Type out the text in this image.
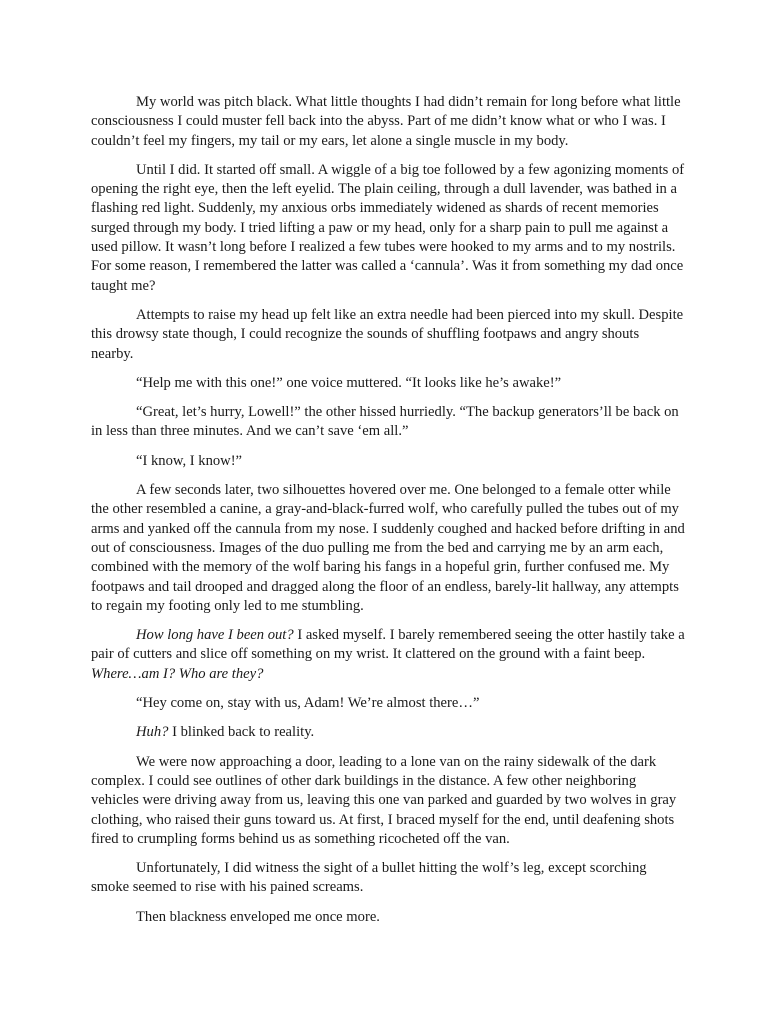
My world was pitch black. What little thoughts I had didn’t remain for long before what little consciousness I could muster fell back into the abyss. Part of me didn’t know what or who I was. I couldn’t feel my fingers, my tail or my ears, let alone a single muscle in my body.

Until I did. It started off small. A wiggle of a big toe followed by a few agonizing moments of opening the right eye, then the left eyelid. The plain ceiling, through a dull lavender, was bathed in a flashing red light. Suddenly, my anxious orbs immediately widened as shards of recent memories surged through my body. I tried lifting a paw or my head, only for a sharp pain to pull me against a used pillow. It wasn’t long before I realized a few tubes were hooked to my arms and to my nostrils. For some reason, I remembered the latter was called a ‘cannula’. Was it from something my dad once taught me?

Attempts to raise my head up felt like an extra needle had been pierced into my skull. Despite this drowsy state though, I could recognize the sounds of shuffling footpaws and angry shouts nearby.

“Help me with this one!” one voice muttered. “It looks like he’s awake!”

“Great, let’s hurry, Lowell!” the other hissed hurriedly. “The backup generators’ll be back on in less than three minutes. And we can’t save ‘em all.”

“I know, I know!”

A few seconds later, two silhouettes hovered over me. One belonged to a female otter while the other resembled a canine, a gray-and-black-furred wolf, who carefully pulled the tubes out of my arms and yanked off the cannula from my nose. I suddenly coughed and hacked before drifting in and out of consciousness. Images of the duo pulling me from the bed and carrying me by an arm each, combined with the memory of the wolf baring his fangs in a hopeful grin, further confused me. My footpaws and tail drooped and dragged along the floor of an endless, barely-lit hallway, any attempts to regain my footing only led to me stumbling.

How long have I been out? I asked myself. I barely remembered seeing the otter hastily take a pair of cutters and slice off something on my wrist. It clattered on the ground with a faint beep. Where…am I? Who are they?

“Hey come on, stay with us, Adam! We’re almost there…”

Huh? I blinked back to reality.

We were now approaching a door, leading to a lone van on the rainy sidewalk of the dark complex. I could see outlines of other dark buildings in the distance. A few other neighboring vehicles were driving away from us, leaving this one van parked and guarded by two wolves in gray clothing, who raised their guns toward us. At first, I braced myself for the end, until deafening shots fired to crumpling forms behind us as something ricocheted off the van.

Unfortunately, I did witness the sight of a bullet hitting the wolf’s leg, except scorching smoke seemed to rise with his pained screams.

Then blackness enveloped me once more.
